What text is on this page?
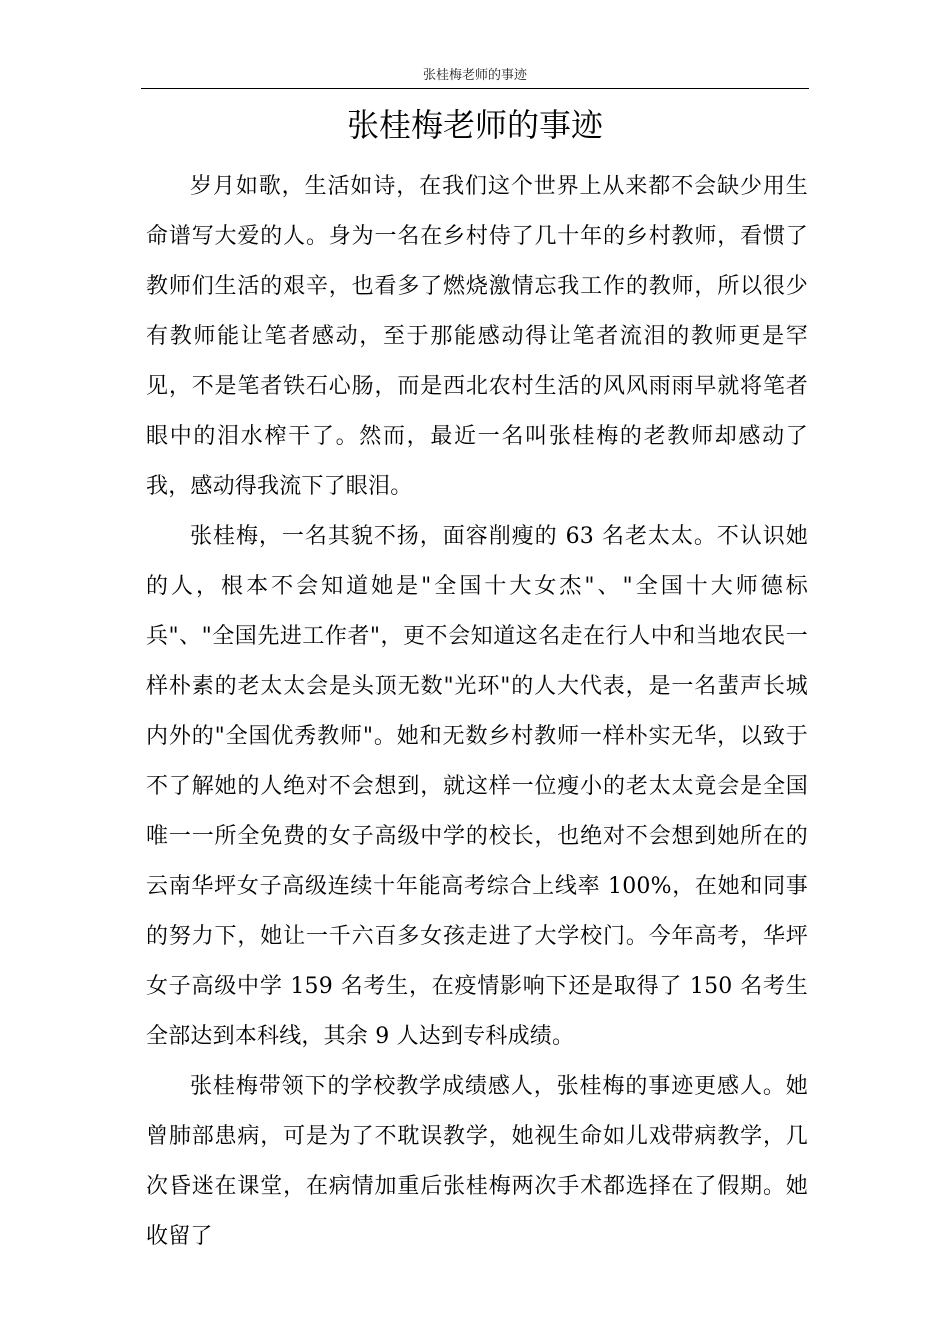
张桂梅老师的事迹
张桂梅老师的事迹

岁月如歌，生活如诗，在我们这个世界上从来都不会缺少用生命谱写大爱的人。身为一名在乡村侍了几十年的乡村教师，看惯了教师们生活的艰辛，也看多了燃烧激情忘我工作的教师，所以很少有教师能让笔者感动，至于那能感动得让笔者流泪的教师更是罕见，不是笔者铁石心肠，而是西北农村生活的风风雨雨早就将笔者眼中的泪水榨干了。然而，最近一名叫张桂梅的老教师却感动了我，感动得我流下了眼泪。

张桂梅，一名其貌不扬，面容削瘦的 63 名老太太。不认识她的人，根本不会知道她是"全国十大女杰"、"全国十大师德标兵"、"全国先进工作者"，更不会知道这名走在行人中和当地农民一样朴素的老太太会是头顶无数"光环"的人大代表，是一名蜚声长城内外的"全国优秀教师"。她和无数乡村教师一样朴实无华，以致于不了解她的人绝对不会想到，就这样一位瘦小的老太太竟会是全国唯一一所全免费的女子高级中学的校长，也绝对不会想到她所在的云南华坪女子高级连续十年能高考综合上线率 100%，在她和同事的努力下，她让一千六百多女孩走进了大学校门。今年高考，华坪女子高级中学 159 名考生，在疫情影响下还是取得了 150 名考生全部达到本科线，其余 9 人达到专科成绩。

张桂梅带领下的学校教学成绩感人，张桂梅的事迹更感人。她曾肺部患病，可是为了不耽误教学，她视生命如儿戏带病教学，几次昏迷在课堂，在病情加重后张桂梅两次手术都选择在了假期。她收留了
